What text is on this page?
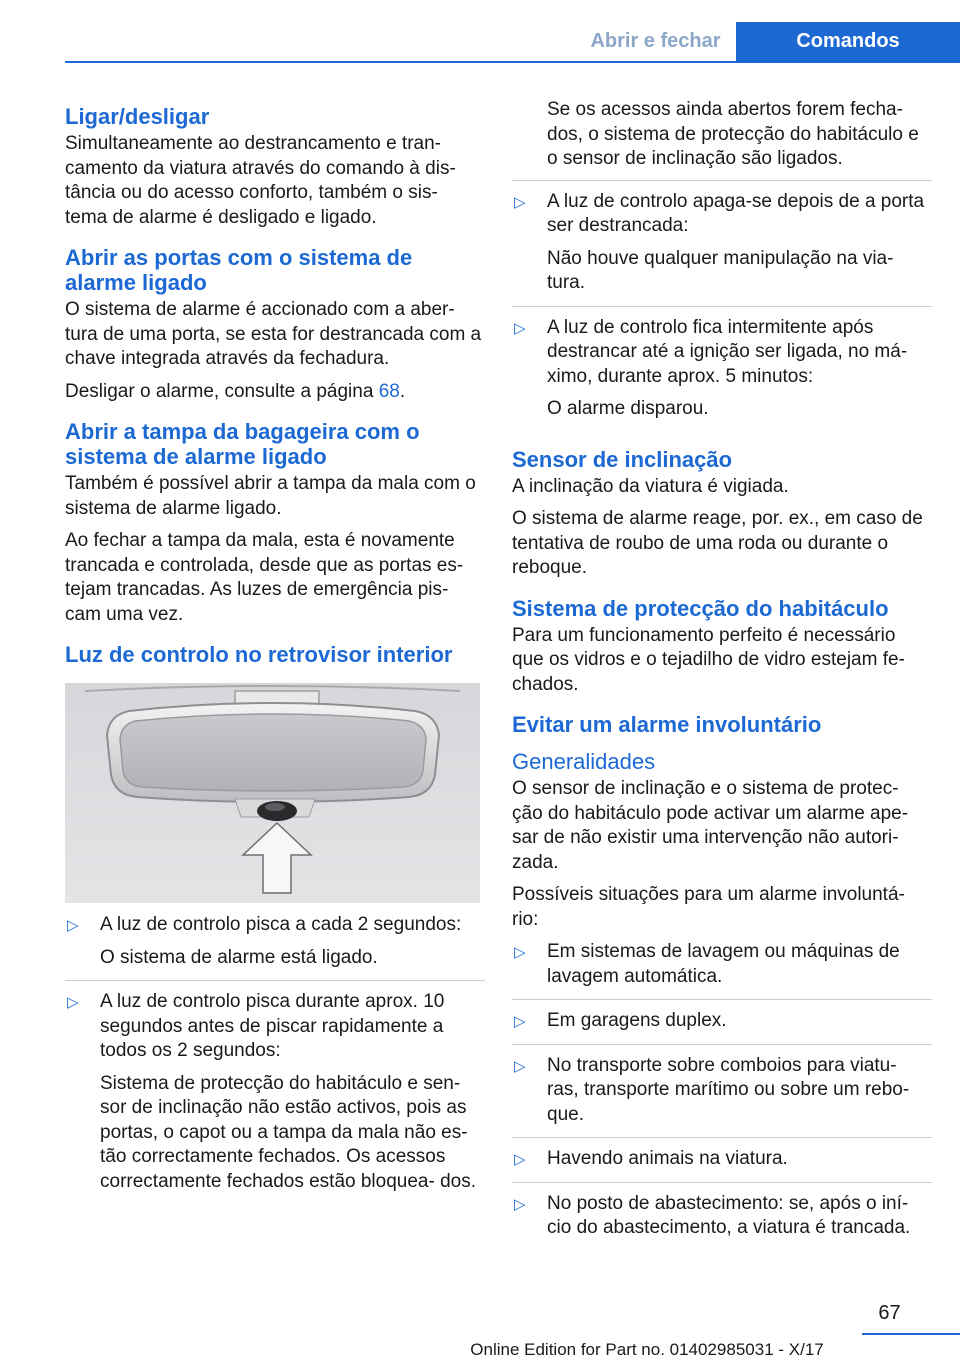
Abrir e fechar	Comandos
Ligar/desligar

Simultaneamente ao destrancamento e tran‐ camento da viatura através do comando à dis‐ tância ou do acesso conforto, também o sis‐ tema de alarme é desligado e ligado.

Abrir as portas com o sistema de alarme ligado

O sistema de alarme é accionado com a aber‐ tura de uma porta, se esta for destrancada com a chave integrada através da fechadura.

Desligar o alarme, consulte a página 68.

Abrir a tampa da bagageira com o sistema de alarme ligado

Também é possível abrir a tampa da mala com o sistema de alarme ligado.

Ao fechar a tampa da mala, esta é novamente trancada e controlada, desde que as portas es‐ tejam trancadas. As luzes de emergência pis‐ cam uma vez.

Luz de controlo no retrovisor interior
▷ A luz de controlo pisca a cada 2 segundos:

O sistema de alarme está ligado.

▷ A luz de controlo pisca durante aprox. 10 segundos antes de piscar rapidamente a todos os 2 segundos:

Sistema de protecção do habitáculo e sen‐ sor de inclinação não estão activos, pois as portas, o capot ou a tampa da mala não es‐ tão correctamente fechados. Os acessos correctamente fechados estão bloquea‐ dos.

Se os acessos ainda abertos forem fecha‐ dos, o sistema de protecção do habitáculo e o sensor de inclinação são ligados.

▷ A luz de controlo apaga-se depois de a porta ser destrancada:

Não houve qualquer manipulação na via‐ tura.

▷ A luz de controlo fica intermitente após destrancar até a ignição ser ligada, no má‐ ximo, durante aprox. 5 minutos:

O alarme disparou.

Sensor de inclinação

A inclinação da viatura é vigiada.

O sistema de alarme reage, por. ex., em caso de tentativa de roubo de uma roda ou durante o reboque.

Sistema de protecção do habitáculo

Para um funcionamento perfeito é necessário que os vidros e o tejadilho de vidro estejam fe‐ chados.

Evitar um alarme involuntário
Generalidades

O sensor de inclinação e o sistema de protec‐ ção do habitáculo pode activar um alarme ape‐ sar de não existir uma intervenção não autori‐ zada.

Possíveis situações para um alarme involuntá‐ rio:

▷ Em sistemas de lavagem ou máquinas de lavagem automática.

▷ Em garagens duplex.

▷ No transporte sobre comboios para viatu‐ ras, transporte marítimo ou sobre um rebo‐ que.

▷ Havendo animais na viatura.

▷ No posto de abastecimento: se, após o iní‐ cio do abastecimento, a viatura é trancada.

67
Online Edition for Part no. 01402985031 - X/17
